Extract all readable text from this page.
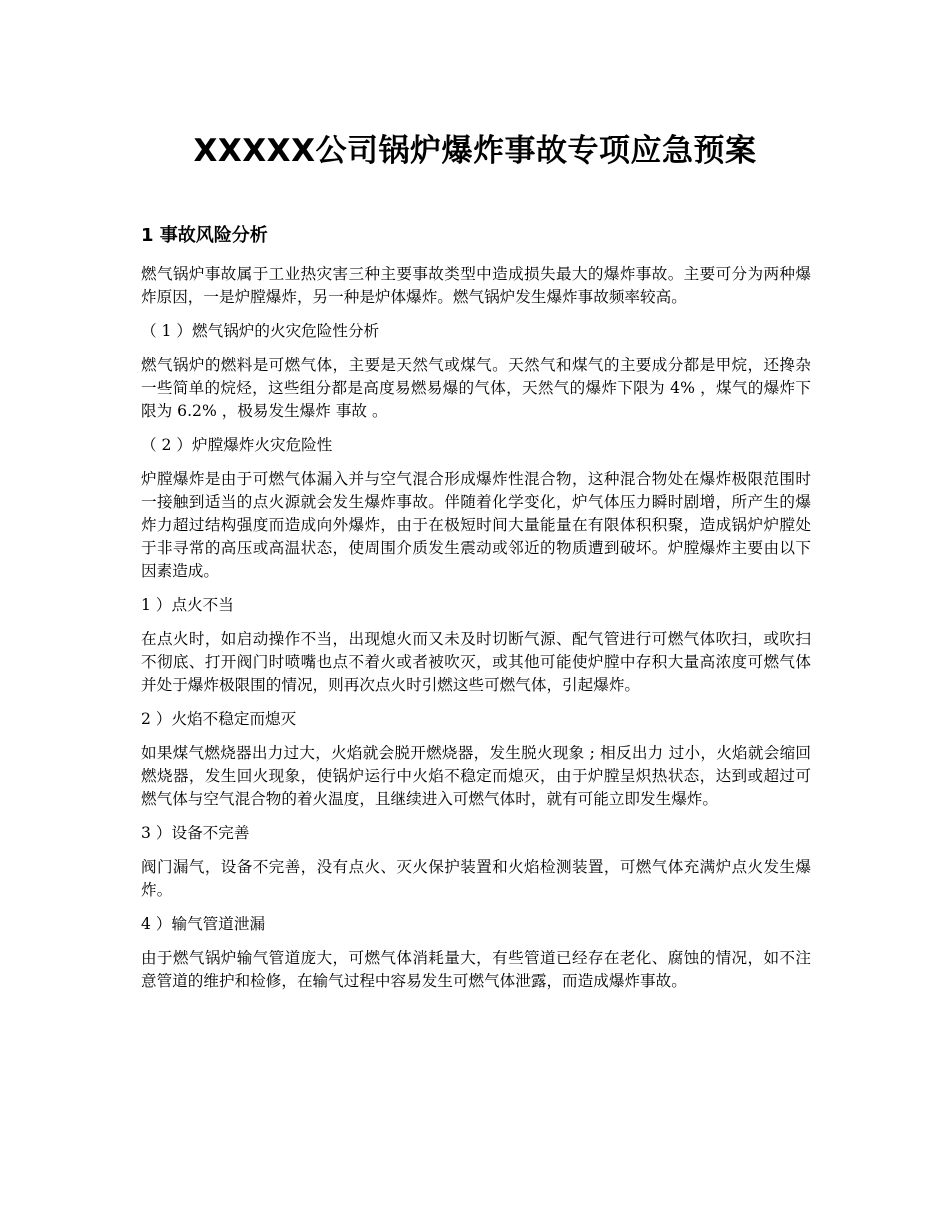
XXXXX公司锅炉爆炸事故专项应急预案
1 事故风险分析

燃气锅炉事故属于工业热灾害三种主要事故类型中造成损失最大的爆炸事故。主要可分为两种爆炸原因，一是炉膛爆炸，另一种是炉体爆炸。燃气锅炉发生爆炸事故频率较高。

（ 1 ）燃气锅炉的火灾危险性分析

燃气锅炉的燃料是可燃气体，主要是天然气或煤气。天然气和煤气的主要成分都是甲烷，还搀杂一些简单的烷烃，这些组分都是高度易燃易爆的气体，天然气的爆炸下限为 4% ，煤气的爆炸下限为 6.2% ，极易发生爆炸 事故 。

（ 2 ）炉膛爆炸火灾危险性

炉膛爆炸是由于可燃气体漏入并与空气混合形成爆炸性混合物，这种混合物处在爆炸极限范围时一接触到适当的点火源就会发生爆炸事故。伴随着化学变化，炉气体压力瞬时剧增，所产生的爆炸力超过结构强度而造成向外爆炸，由于在极短时间大量能量在有限体积积聚，造成锅炉炉膛处于非寻常的高压或高温状态，使周围介质发生震动或邻近的物质遭到破坏。炉膛爆炸主要由以下因素造成。

1 ）点火不当

在点火时，如启动操作不当，出现熄火而又未及时切断气源、配气管进行可燃气体吹扫，或吹扫不彻底、打开阀门时喷嘴也点不着火或者被吹灭，或其他可能使炉膛中存积大量高浓度可燃气体并处于爆炸极限围的情况，则再次点火时引燃这些可燃气体，引起爆炸。

2 ）火焰不稳定而熄灭

如果煤气燃烧器出力过大，火焰就会脱开燃烧器，发生脱火现象 ; 相反出力 过小，火焰就会缩回燃烧器，发生回火现象，使锅炉运行中火焰不稳定而熄灭，由于炉膛呈炽热状态，达到或超过可燃气体与空气混合物的着火温度，且继续进入可燃气体时，就有可能立即发生爆炸。

3 ）设备不完善

阀门漏气，设备不完善，没有点火、灭火保护装置和火焰检测装置，可燃气体充满炉点火发生爆炸。

4 ）输气管道泄漏

由于燃气锅炉输气管道庞大，可燃气体消耗量大，有些管道已经存在老化、腐蚀的情况，如不注意管道的维护和检修，在输气过程中容易发生可燃气体泄露，而造成爆炸事故。
